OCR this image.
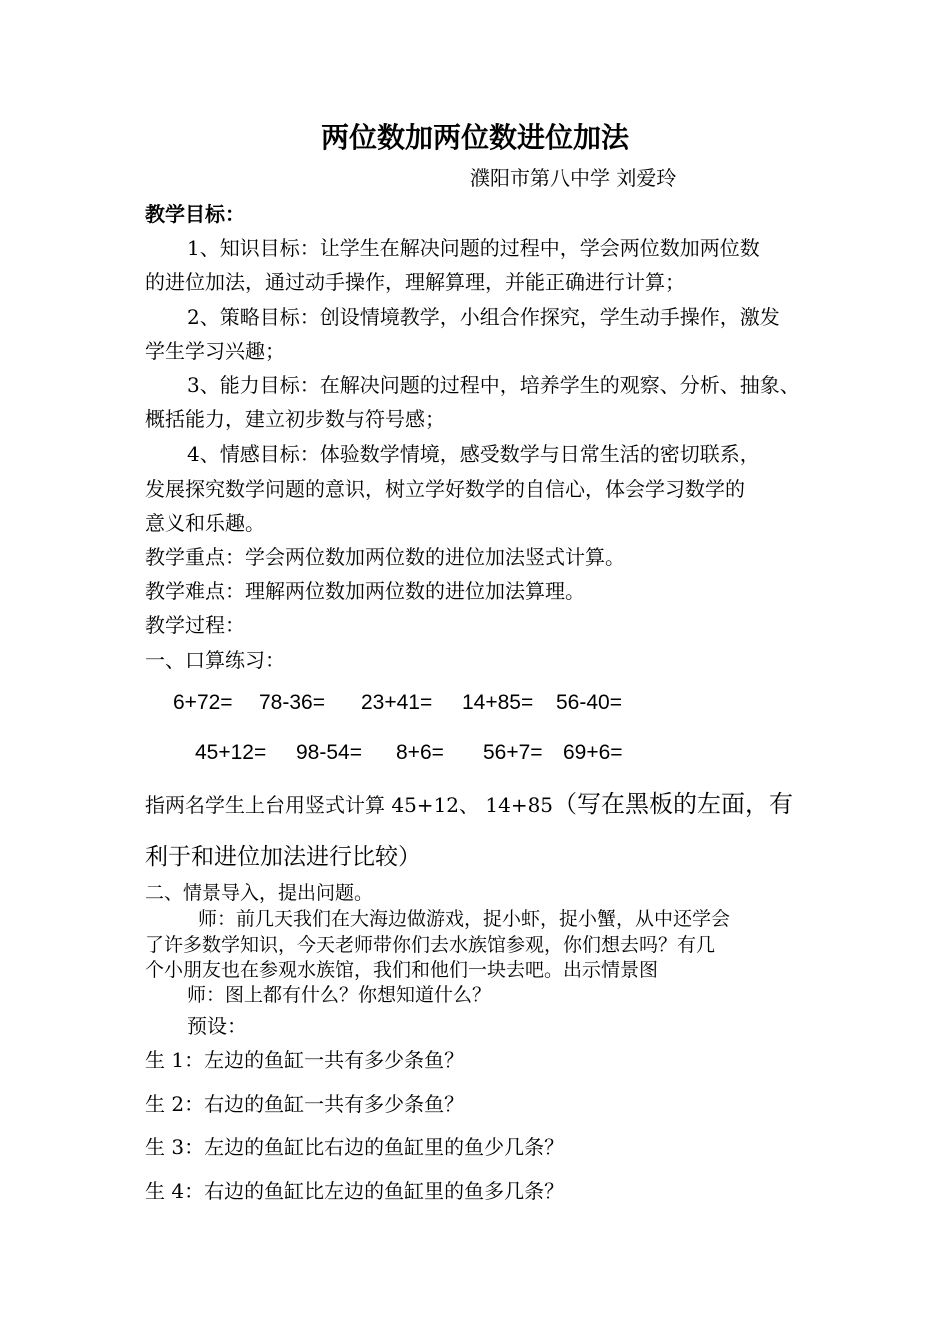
两位数加两位数进位加法
濮阳市第八中学 刘爱玲
教学目标：
1、知识目标：让学生在解决问题的过程中，学会两位数加两位数
的进位加法，通过动手操作，理解算理，并能正确进行计算；
2、策略目标：创设情境教学，小组合作探究，学生动手操作，激发
学生学习兴趣；
3、能力目标：在解决问题的过程中，培养学生的观察、分析、抽象、
概括能力，建立初步数与符号感；
4、情感目标：体验数学情境，感受数学与日常生活的密切联系，
发展探究数学问题的意识，树立学好数学的自信心，体会学习数学的
意义和乐趣。
教学重点：学会两位数加两位数的进位加法竖式计算。
教学难点：理解两位数加两位数的进位加法算理。
教学过程：
一、口算练习：
6+72= 78-36= 23+41= 14+85= 56-40=
45+12= 98-54= 8+6= 56+7= 69+6=
指两名学生上台用竖式计算 45+12、 14+85（写在黑板的左面，有
利于和进位加法进行比较）
二、情景导入，提出问题。
师：前几天我们在大海边做游戏，捉小虾，捉小蟹，从中还学会
了许多数学知识，今天老师带你们去水族馆参观，你们想去吗？有几
个小朋友也在参观水族馆，我们和他们一块去吧。出示情景图
师：图上都有什么？你想知道什么？
预设：
生 1：左边的鱼缸一共有多少条鱼？
生 2：右边的鱼缸一共有多少条鱼？
生 3：左边的鱼缸比右边的鱼缸里的鱼少几条？
生 4：右边的鱼缸比左边的鱼缸里的鱼多几条？
